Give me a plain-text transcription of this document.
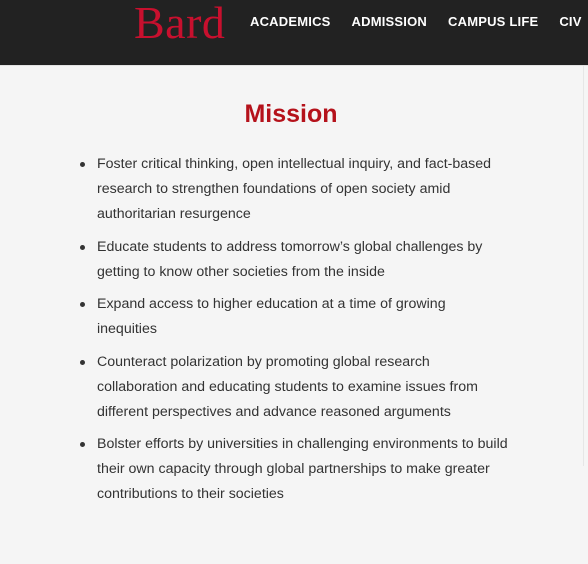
Bard ACADEMICS ADMISSION CAMPUS LIFE CIV
Mission
Foster critical thinking, open intellectual inquiry, and fact-based research to strengthen foundations of open society amid authoritarian resurgence
Educate students to address tomorrow’s global challenges by getting to know other societies from the inside
Expand access to higher education at a time of growing inequities
Counteract polarization by promoting global research collaboration and educating students to examine issues from different perspectives and advance reasoned arguments
Bolster efforts by universities in challenging environments to build their own capacity through global partnerships to make greater contributions to their societies
